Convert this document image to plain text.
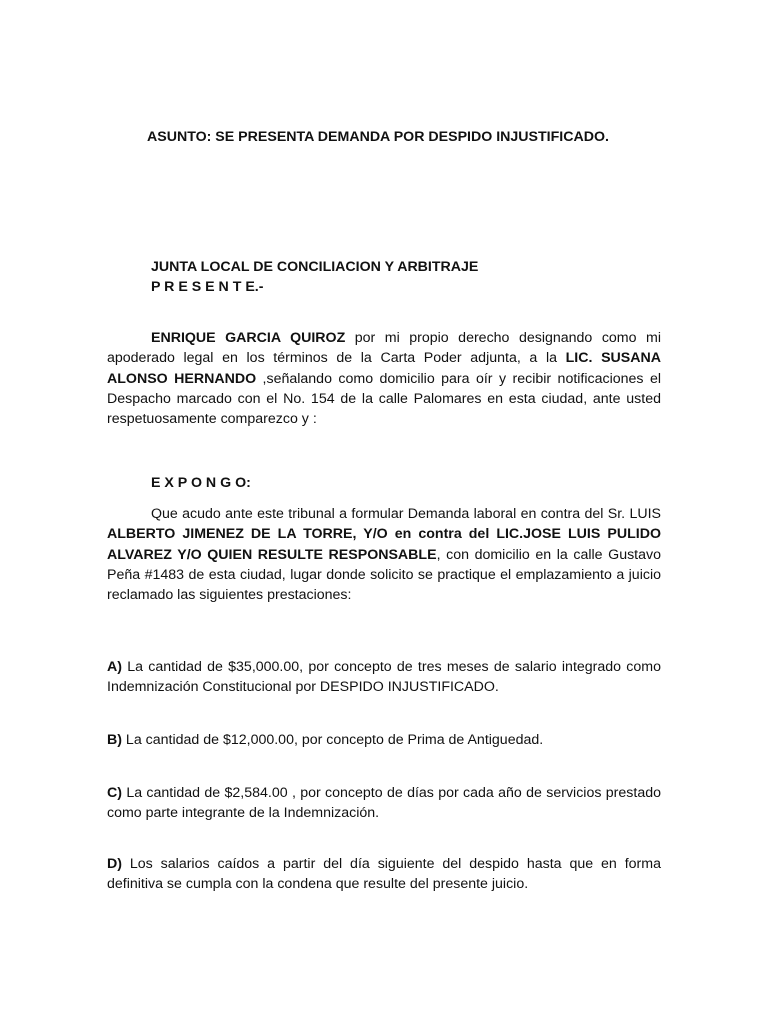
ASUNTO: SE PRESENTA DEMANDA POR DESPIDO INJUSTIFICADO.
JUNTA LOCAL DE CONCILIACION Y ARBITRAJE
P R E S E N T E.-
ENRIQUE GARCIA QUIROZ por mi propio derecho designando como mi apoderado legal en los términos de la Carta Poder adjunta, a la LIC. SUSANA ALONSO HERNANDO ,señalando como domicilio para oír y recibir notificaciones el Despacho marcado con el No. 154 de la calle Palomares en esta ciudad, ante usted respetuosamente comparezco y :
E X P O N G O:
Que acudo ante este tribunal a formular Demanda laboral en contra del Sr. LUIS ALBERTO JIMENEZ DE LA TORRE, Y/O en contra del LIC.JOSE LUIS PULIDO ALVAREZ Y/O QUIEN RESULTE RESPONSABLE, con domicilio en la calle Gustavo Peña #1483 de esta ciudad, lugar donde solicito se practique el emplazamiento a juicio reclamado las siguientes prestaciones:
A) La cantidad de $35,000.00, por concepto de tres meses de salario integrado como Indemnización Constitucional por DESPIDO INJUSTIFICADO.
B) La cantidad de $12,000.00, por concepto de Prima de Antiguedad.
C) La cantidad de $2,584.00 , por concepto de días por cada año de servicios prestado como parte integrante de la Indemnización.
D) Los salarios caídos a partir del día siguiente del despido hasta que en forma definitiva se cumpla con la condena que resulte del presente juicio.
